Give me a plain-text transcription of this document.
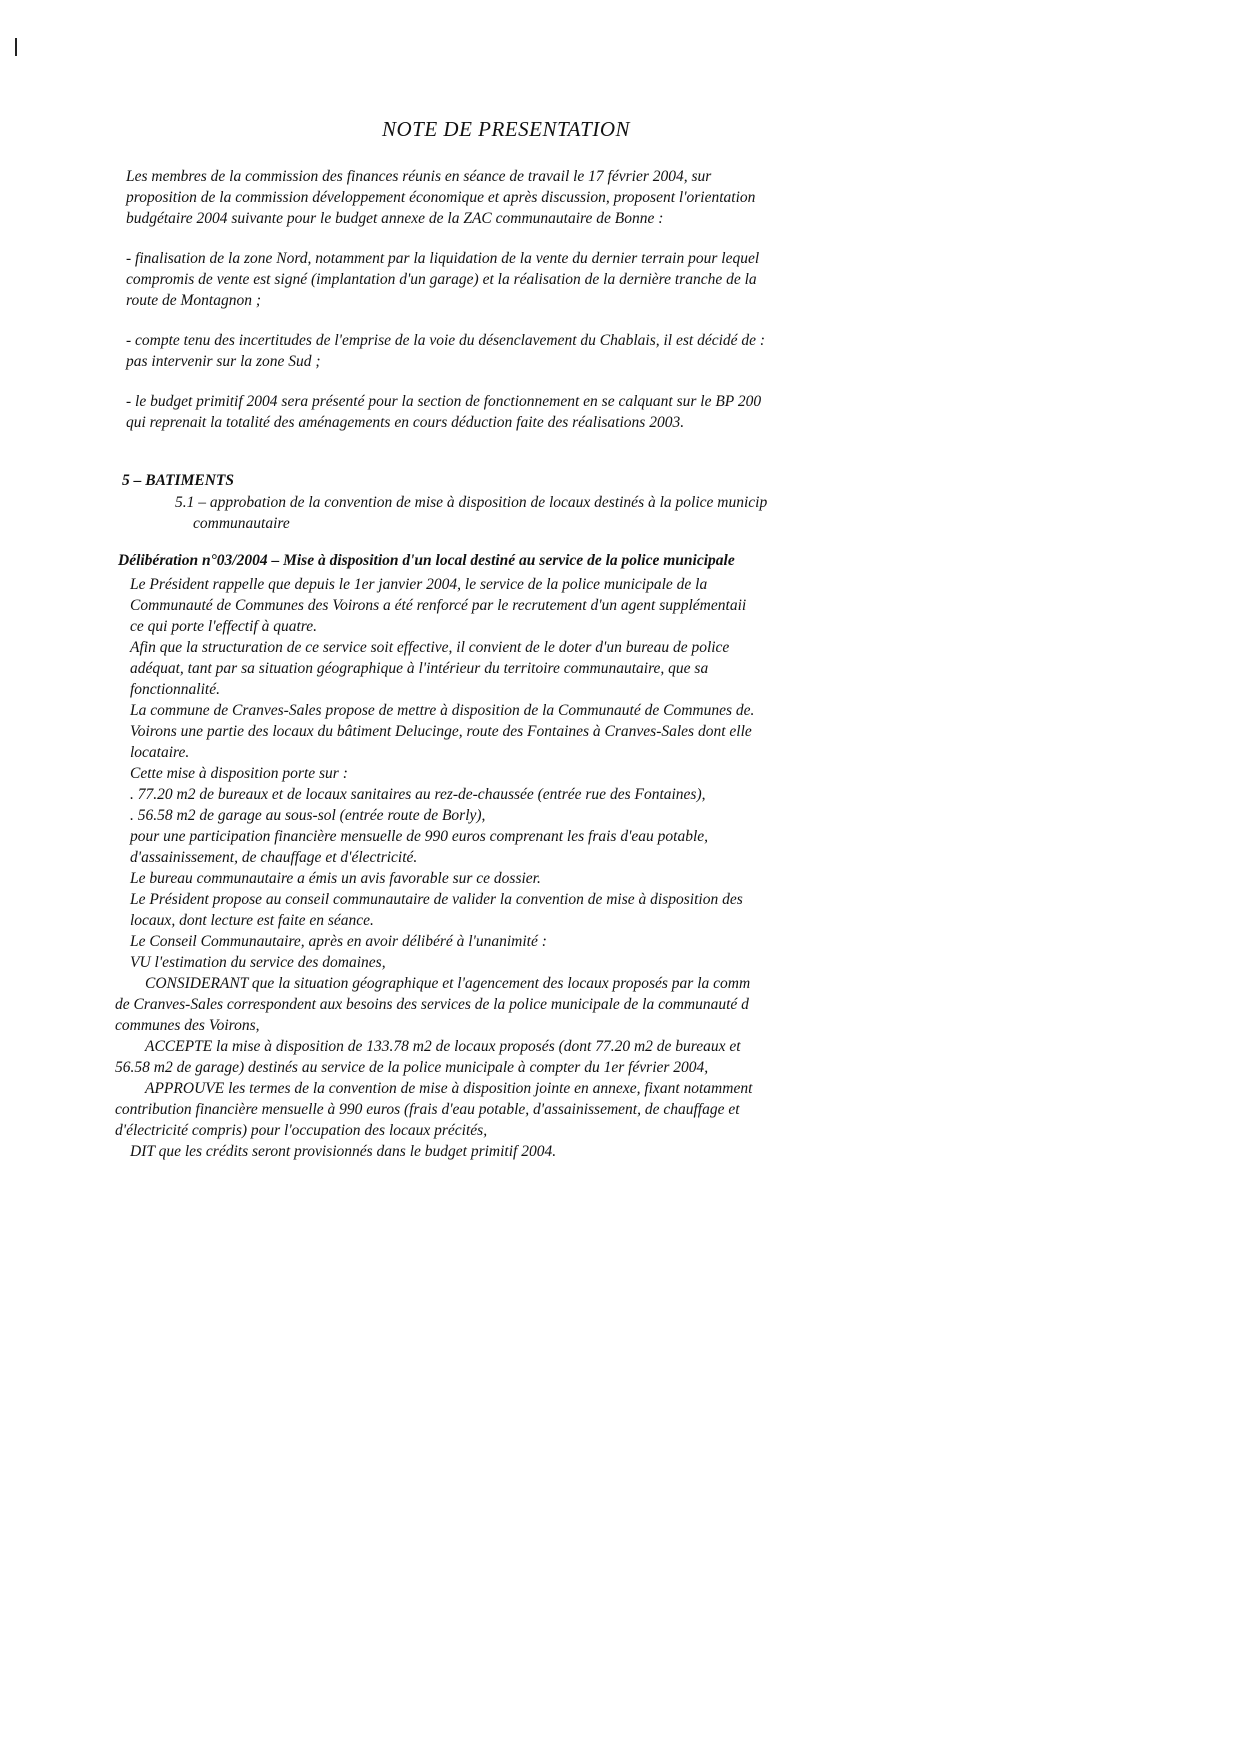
NOTE DE PRESENTATION
Les membres de la commission des finances réunis en séance de travail le 17 février 2004, sur
proposition de la commission développement économique et après discussion, proposent l'orientation
budgétaire 2004 suivante pour le budget annexe de la ZAC communautaire de Bonne :
- finalisation de la zone Nord, notamment par la liquidation de la vente du dernier terrain pour lequel
compromis de vente est signé (implantation d'un garage) et la réalisation de la dernière tranche de la
route de Montagnon ;
- compte tenu des incertitudes de l'emprise de la voie du désenclavement du Chablais, il est décidé de :
pas intervenir sur la zone Sud ;
- le budget primitif 2004 sera présenté pour la section de fonctionnement en se calquant sur le BP 200
qui reprenait la totalité des aménagements en cours déduction faite des réalisations 2003.
5 – BATIMENTS
5.1 – approbation de la convention de mise à disposition de locaux destinés à la police municip
communautaire
Délibération n°03/2004 – Mise à disposition d'un local destiné au service de la police municipale
Le Président rappelle que depuis le 1er janvier 2004, le service de la police municipale de la
Communauté de Communes des Voirons a été renforcé par le recrutement d'un agent supplémentaii
ce qui porte l'effectif à quatre.
Afin que la structuration de ce service soit effective, il convient de le doter d'un bureau de police
adéquat, tant par sa situation géographique à l'intérieur du territoire communautaire, que sa
fonctionnalité.
La commune de Cranves-Sales propose de mettre à disposition de la Communauté de Communes de.
Voirons une partie des locaux du bâtiment Delucinge, route des Fontaines à Cranves-Sales dont elle
locataire.
Cette mise à disposition porte sur :
. 77.20 m2 de bureaux et de locaux sanitaires au rez-de-chaussée (entrée rue des Fontaines),
. 56.58 m2 de garage au sous-sol (entrée route de Borly),
pour une participation financière mensuelle de 990 euros comprenant les frais d'eau potable,
d'assainissement, de chauffage et d'électricité.
Le bureau communautaire a émis un avis favorable sur ce dossier.
Le Président propose au conseil communautaire de valider la convention de mise à disposition des
locaux, dont lecture est faite en séance.
Le Conseil Communautaire, après en avoir délibéré à l'unanimité :
VU l'estimation du service des domaines,
CONSIDERANT que la situation géographique et l'agencement des locaux proposés par la comm
de Cranves-Sales correspondent aux besoins des services de la police municipale de la communauté d
communes des Voirons,
ACCEPTE la mise à disposition de 133.78 m2 de locaux proposés (dont 77.20 m2 de bureaux et
56.58 m2 de garage) destinés au service de la police municipale à compter du 1er février 2004,
APPROUVE les termes de la convention de mise à disposition jointe en annexe, fixant notamment
contribution financière mensuelle à 990 euros (frais d'eau potable, d'assainissement, de chauffage et
d'électricité compris) pour l'occupation des locaux précités,
DIT que les crédits seront provisionnés dans le budget primitif 2004.
